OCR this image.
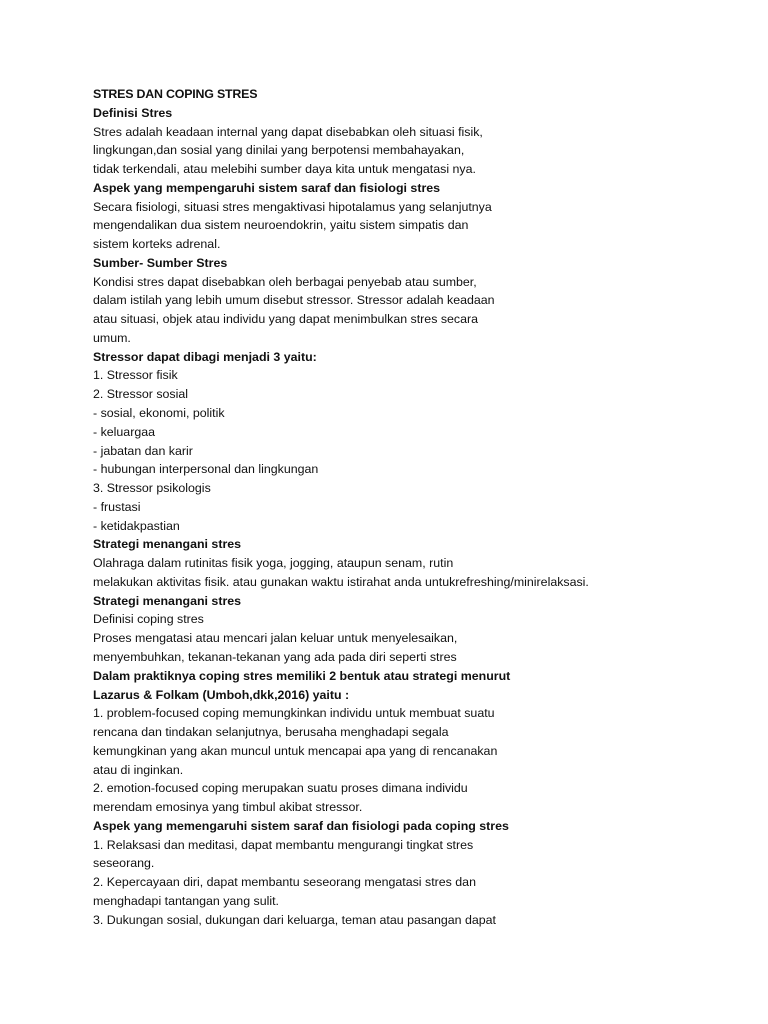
STRES DAN COPING STRES
Definisi Stres
Stres adalah keadaan internal yang dapat disebabkan oleh situasi fisik,
lingkungan,dan sosial yang dinilai yang berpotensi membahayakan,
tidak terkendali, atau melebihi sumber daya kita untuk mengatasi nya.
Aspek yang mempengaruhi sistem saraf dan fisiologi stres
Secara fisiologi, situasi stres mengaktivasi hipotalamus yang selanjutnya
mengendalikan dua sistem neuroendokrin, yaitu sistem simpatis dan
sistem korteks adrenal.
Sumber- Sumber Stres
Kondisi stres dapat disebabkan oleh berbagai penyebab atau sumber,
dalam istilah yang lebih umum disebut stressor. Stressor adalah keadaan
atau situasi, objek atau individu yang dapat menimbulkan stres secara
umum.
Stressor dapat dibagi menjadi 3 yaitu:
1. Stressor fisik
2. Stressor sosial
- sosial, ekonomi, politik
- keluargaa
- jabatan dan karir
- hubungan interpersonal dan lingkungan
3. Stressor psikologis
- frustasi
- ketidakpastian
Strategi menangani stres
Olahraga dalam rutinitas fisik yoga, jogging, ataupun senam, rutin
melakukan aktivitas fisik. atau gunakan waktu istirahat anda untukrefreshing/minirelaksasi.
Strategi menangani stres
Definisi coping stres
Proses mengatasi atau mencari jalan keluar untuk menyelesaikan,
menyembuhkan, tekanan-tekanan yang ada pada diri seperti stres
Dalam praktiknya coping stres memiliki 2 bentuk atau strategi menurut
Lazarus & Folkam (Umboh,dkk,2016) yaitu :
1. problem-focused coping memungkinkan individu untuk membuat suatu
rencana dan tindakan selanjutnya, berusaha menghadapi segala
kemungkinan yang akan muncul untuk mencapai apa yang di rencanakan
atau di inginkan.
2. emotion-focused coping merupakan suatu proses dimana individu
merendam emosinya yang timbul akibat stressor.
Aspek yang memengaruhi sistem saraf dan fisiologi pada coping stres
1. Relaksasi dan meditasi, dapat membantu mengurangi tingkat stres
seseorang.
2. Kepercayaan diri, dapat membantu seseorang mengatasi stres dan
menghadapi tantangan yang sulit.
3. Dukungan sosial, dukungan dari keluarga, teman atau pasangan dapat
